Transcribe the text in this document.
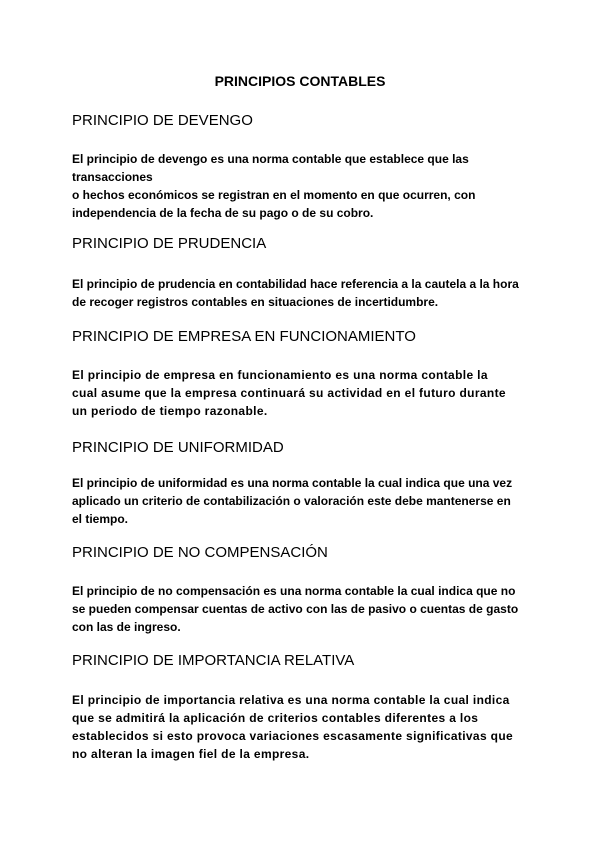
PRINCIPIOS CONTABLES
PRINCIPIO DE DEVENGO
El principio de devengo es una norma contable que establece que las
transacciones
o hechos económicos se registran en el momento en que ocurren, con
independencia de la fecha de su pago o de su cobro.
PRINCIPIO DE PRUDENCIA
El principio de prudencia en contabilidad hace referencia a la cautela a la hora
de recoger registros contables en situaciones de incertidumbre.
PRINCIPIO DE EMPRESA EN FUNCIONAMIENTO
El principio de empresa en funcionamiento es una norma contable la
cual asume que la empresa continuará su actividad en el futuro durante
un periodo de tiempo razonable.
PRINCIPIO DE UNIFORMIDAD
El principio de uniformidad es una norma contable la cual indica que una vez
aplicado un criterio de contabilización o valoración este debe mantenerse en
el tiempo.
PRINCIPIO DE NO COMPENSACIÓN
El principio de no compensación es una norma contable la cual indica que no
se pueden compensar cuentas de activo con las de pasivo o cuentas de gasto
con las de ingreso.
PRINCIPIO DE IMPORTANCIA RELATIVA
El principio de importancia relativa es una norma contable la cual indica
que se admitirá la aplicación de criterios contables diferentes a los
establecidos si esto provoca variaciones escasamente significativas que
no alteran la imagen fiel de la empresa.
